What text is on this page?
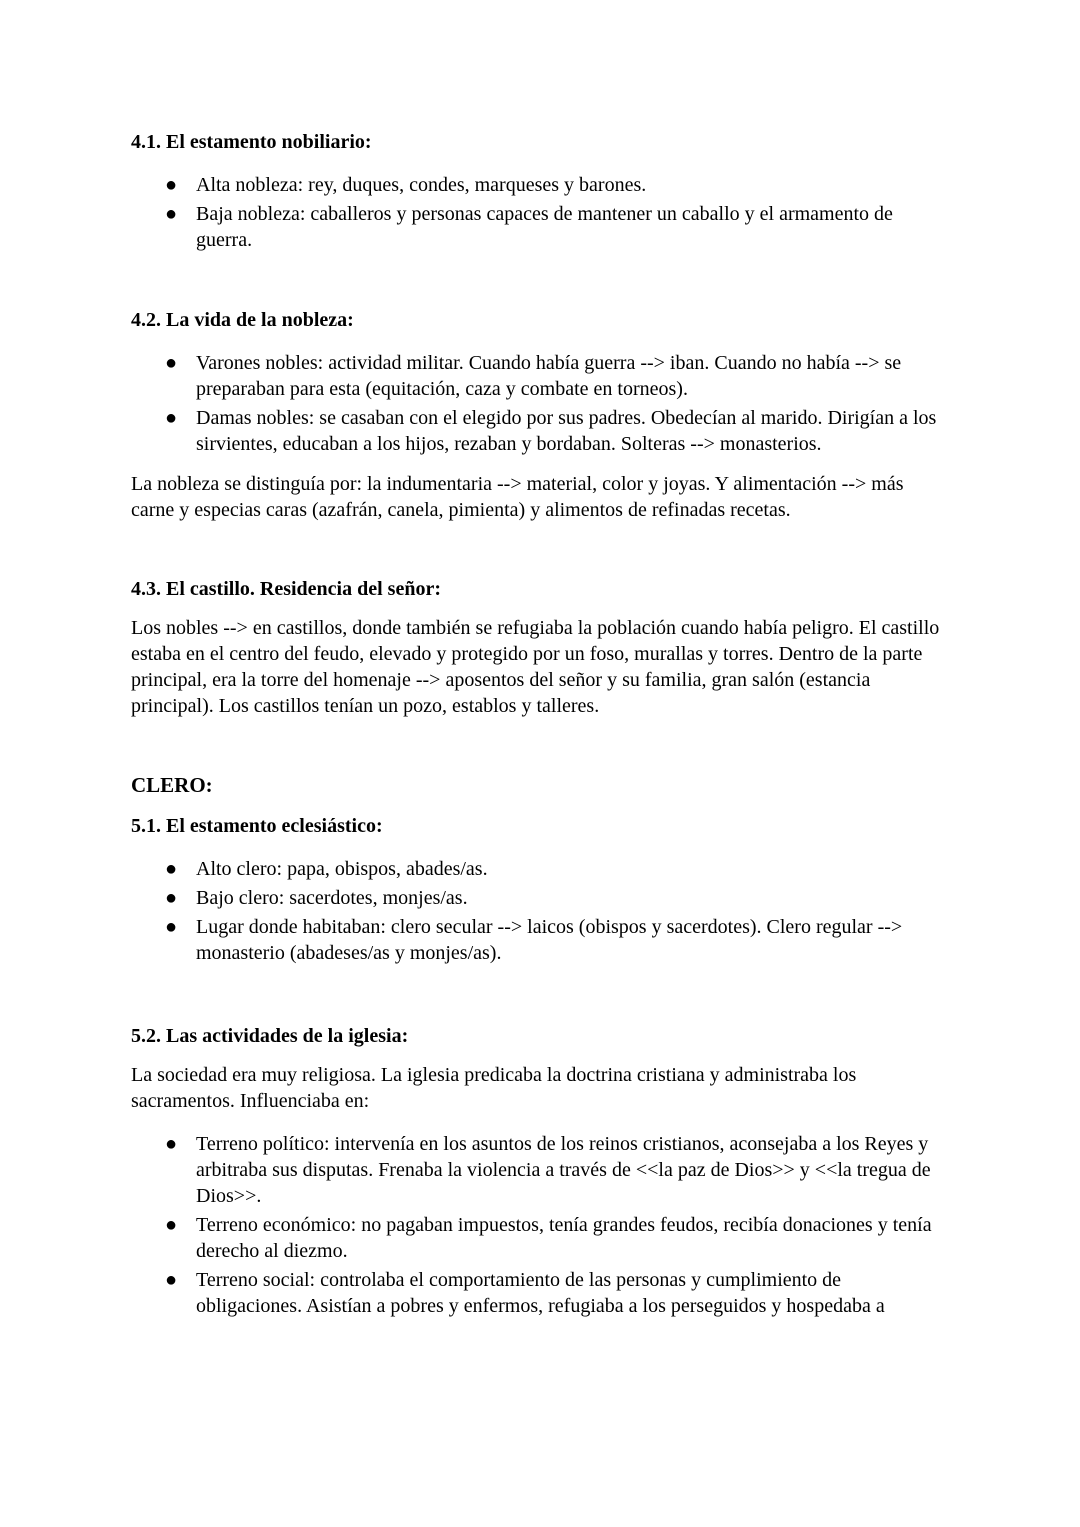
4.1. El estamento nobiliario:
● Alta nobleza: rey, duques, condes, marqueses y barones.
● Baja nobleza: caballeros y personas capaces de mantener un caballo y el armamento de guerra.
4.2. La vida de la nobleza:
● Varones nobles: actividad militar. Cuando había guerra --> iban. Cuando no había --> se preparaban para esta (equitación, caza y combate en torneos).
● Damas nobles: se casaban con el elegido por sus padres. Obedecían al marido. Dirigían a los sirvientes, educaban a los hijos, rezaban y bordaban. Solteras --> monasterios.

La nobleza se distinguía por: la indumentaria --> material, color y joyas. Y alimentación --> más carne y especias caras (azafrán, canela, pimienta) y alimentos de refinadas recetas.

4.3. El castillo. Residencia del señor:

Los nobles --> en castillos, donde también se refugiaba la población cuando había peligro. El castillo estaba en el centro del feudo, elevado y protegido por un foso, murallas y torres. Dentro de la parte principal, era la torre del homenaje --> aposentos del señor y su familia, gran salón (estancia principal). Los castillos tenían un pozo, establos y talleres.

CLERO:
5.1. El estamento eclesiástico:
● Alto clero: papa, obispos, abades/as.
● Bajo clero: sacerdotes, monjes/as.
● Lugar donde habitaban: clero secular --> laicos (obispos y sacerdotes). Clero regular --> monasterio (abadeses/as y monjes/as).
5.2. Las actividades de la iglesia:

La sociedad era muy religiosa. La iglesia predicaba la doctrina cristiana y administraba los sacramentos. Influenciaba en:

● Terreno político: intervenía en los asuntos de los reinos cristianos, aconsejaba a los Reyes y arbitraba sus disputas. Frenaba la violencia a través de <<la paz de Dios>> y <<la tregua de Dios>>.
● Terreno económico: no pagaban impuestos, tenía grandes feudos, recibía donaciones y tenía derecho al diezmo.
● Terreno social: controlaba el comportamiento de las personas y cumplimiento de obligaciones. Asistían a pobres y enfermos, refugiaba a los perseguidos y hospedaba a
